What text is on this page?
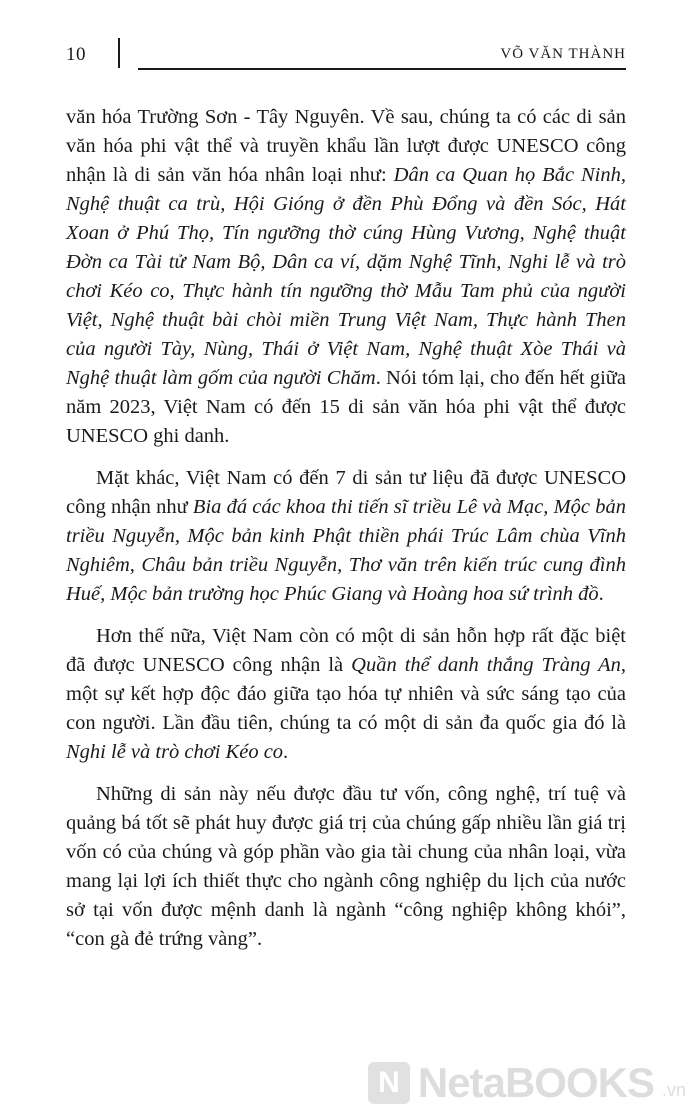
10	VÕ VĂN THÀNH

văn hóa Trường Sơn - Tây Nguyên. Về sau, chúng ta có các di sản văn hóa phi vật thể và truyền khẩu lần lượt được UNESCO công nhận là di sản văn hóa nhân loại như: Dân ca Quan họ Bắc Ninh, Nghệ thuật ca trù, Hội Gióng ở đền Phù Đổng và đền Sóc, Hát Xoan ở Phú Thọ, Tín ngưỡng thờ cúng Hùng Vương, Nghệ thuật Đờn ca Tài tử Nam Bộ, Dân ca ví, dặm Nghệ Tĩnh, Nghi lễ và trò chơi Kéo co, Thực hành tín ngưỡng thờ Mẫu Tam phủ của người Việt, Nghệ thuật bài chòi miền Trung Việt Nam, Thực hành Then của người Tày, Nùng, Thái ở Việt Nam, Nghệ thuật Xòe Thái và Nghệ thuật làm gốm của người Chăm. Nói tóm lại, cho đến hết giữa năm 2023, Việt Nam có đến 15 di sản văn hóa phi vật thể được UNESCO ghi danh.

Mặt khác, Việt Nam có đến 7 di sản tư liệu đã được UNESCO công nhận như Bia đá các khoa thi tiến sĩ triều Lê và Mạc, Mộc bản triều Nguyễn, Mộc bản kinh Phật thiền phái Trúc Lâm chùa Vĩnh Nghiêm, Châu bản triều Nguyễn, Thơ văn trên kiến trúc cung đình Huế, Mộc bản trường học Phúc Giang và Hoàng hoa sứ trình đồ.

Hơn thế nữa, Việt Nam còn có một di sản hỗn hợp rất đặc biệt đã được UNESCO công nhận là Quần thể danh thắng Tràng An, một sự kết hợp độc đáo giữa tạo hóa tự nhiên và sức sáng tạo của con người. Lần đầu tiên, chúng ta có một di sản đa quốc gia đó là Nghi lễ và trò chơi Kéo co.

Những di sản này nếu được đầu tư vốn, công nghệ, trí tuệ và quảng bá tốt sẽ phát huy được giá trị của chúng gấp nhiều lần giá trị vốn có của chúng và góp phần vào gia tài chung của nhân loại, vừa mang lại lợi ích thiết thực cho ngành công nghiệp du lịch của nước sở tại vốn được mệnh danh là ngành “công nghiệp không khói”, “con gà đẻ trứng vàng”.

N NetaBOOKS .vn
